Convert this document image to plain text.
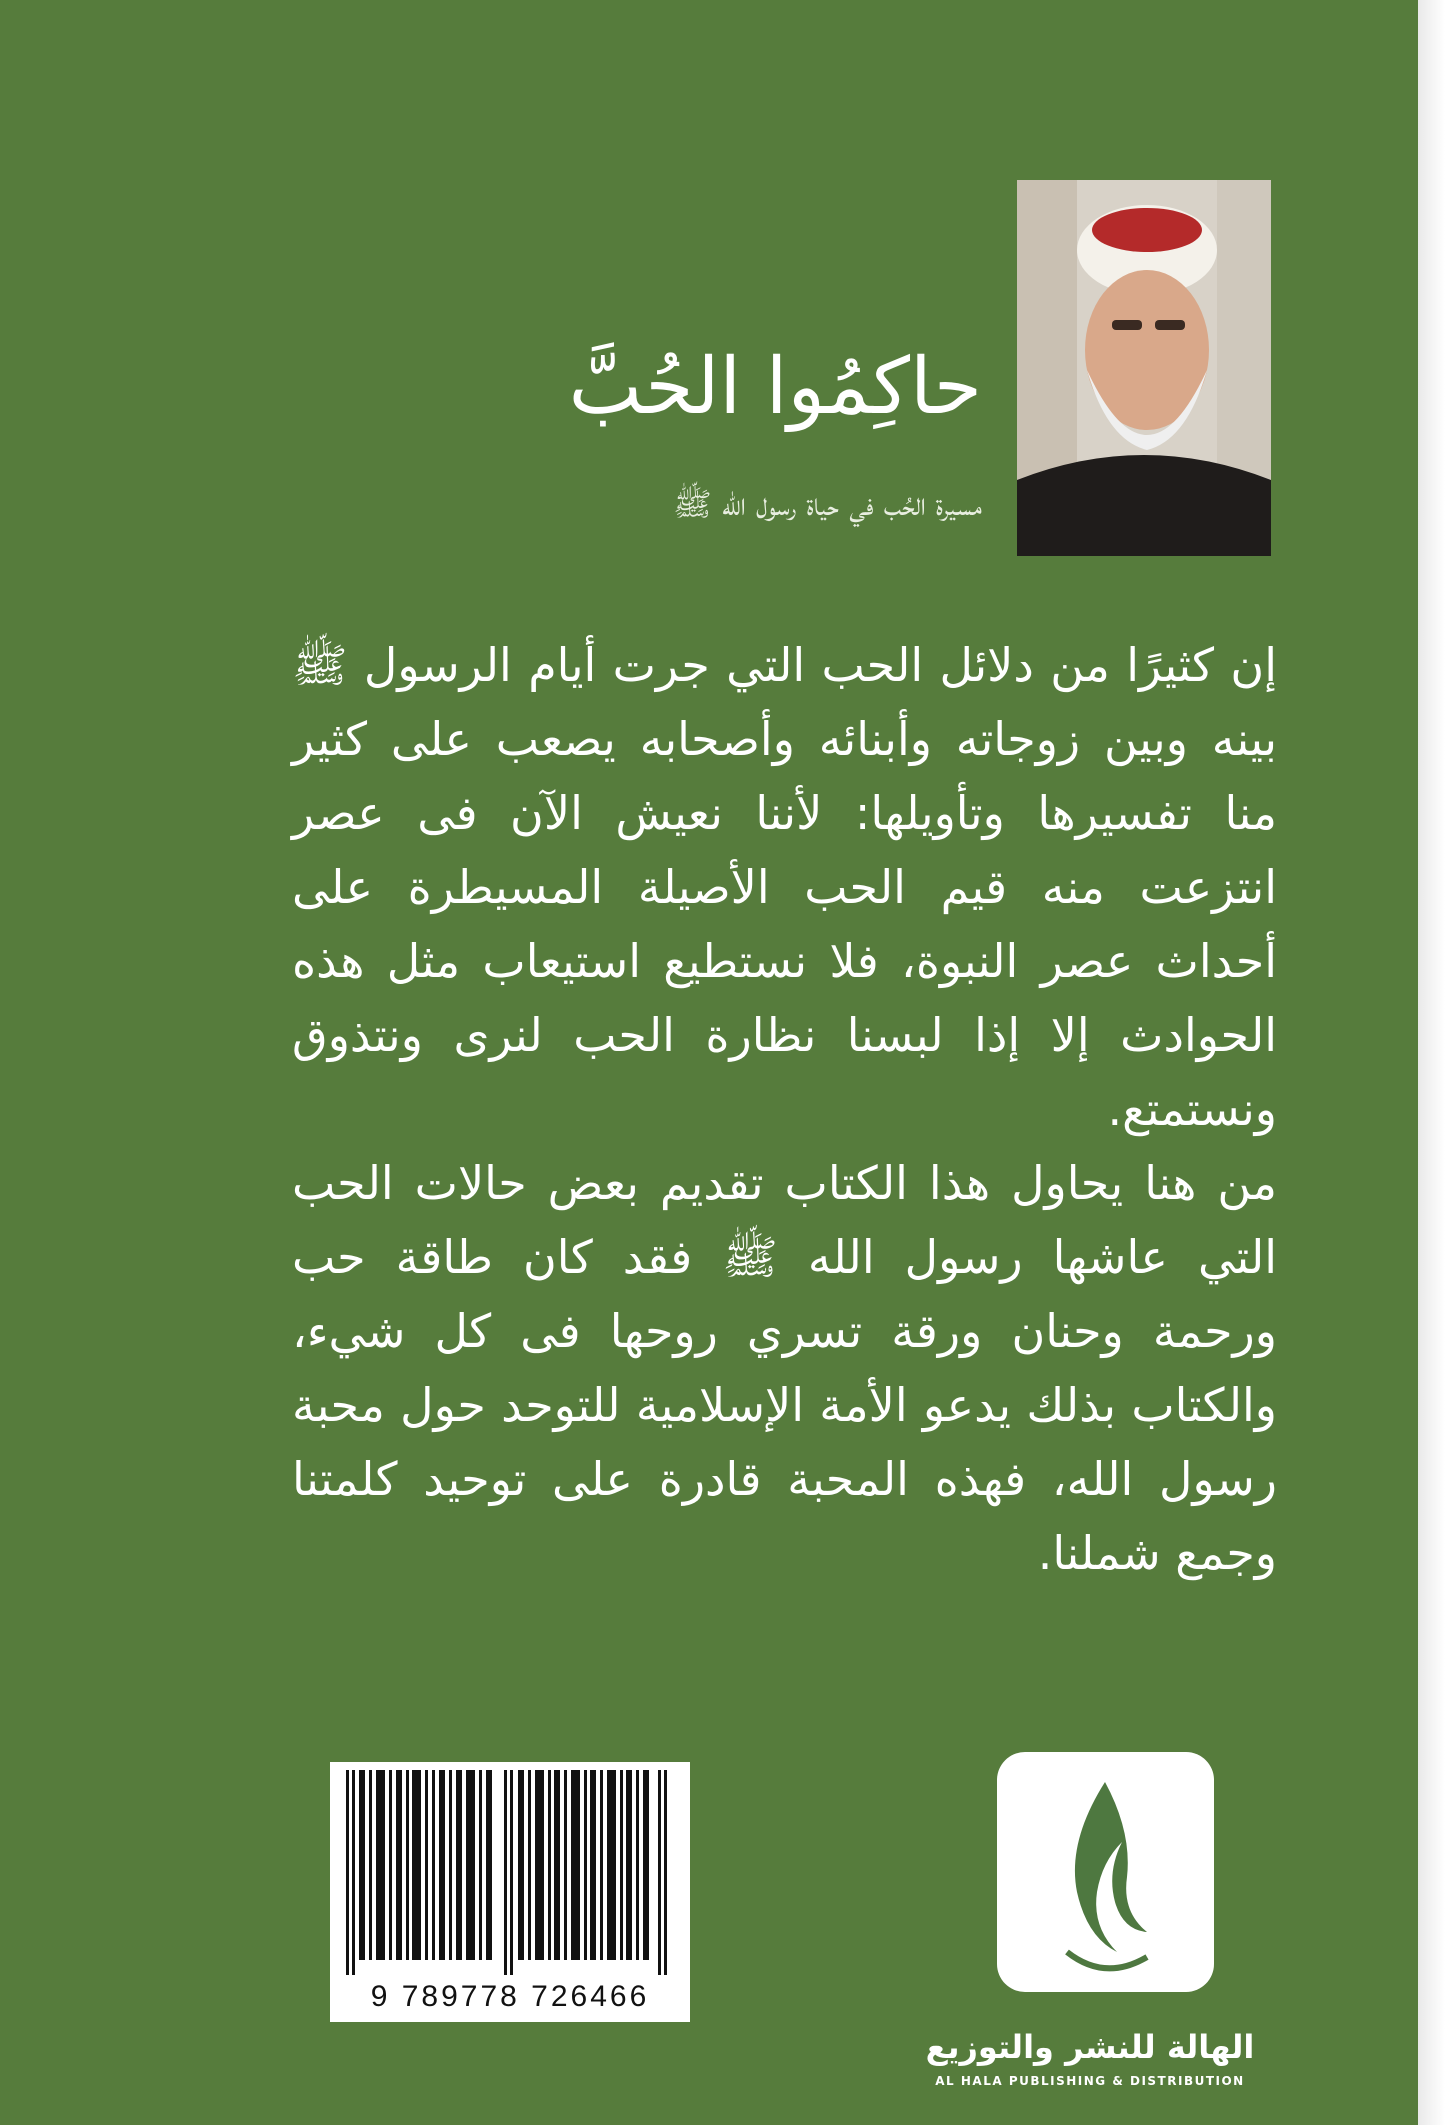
حاكِمُوا الحُبَّ
مسيرة الحُب في حياة رسول الله ﷺ

إن كثيرًا من دلائل الحب التي جرت أيام الرسول ﷺ بينه وبين زوجاته وأبنائه وأصحابه يصعب على كثير منا تفسيرها وتأويلها: لأننا نعيش الآن فى عصر انتزعت منه قيم الحب الأصيلة المسيطرة على أحداث عصر النبوة، فلا نستطيع استيعاب مثل هذه الحوادث إلا إذا لبسنا نظارة الحب لنرى ونتذوق ونستمتع.

من هنا يحاول هذا الكتاب تقديم بعض حالات الحب التي عاشها رسول الله ﷺ فقد كان طاقة حب ورحمة وحنان ورقة تسري روحها فى كل شيء، والكتاب بذلك يدعو الأمة الإسلامية للتوحد حول محبة رسول الله، فهذه المحبة قادرة على توحيد كلمتنا وجمع شملنا.

9 789778 726466
الهالة للنشر والتوزيع
AL HALA PUBLISHING & DISTRIBUTION
